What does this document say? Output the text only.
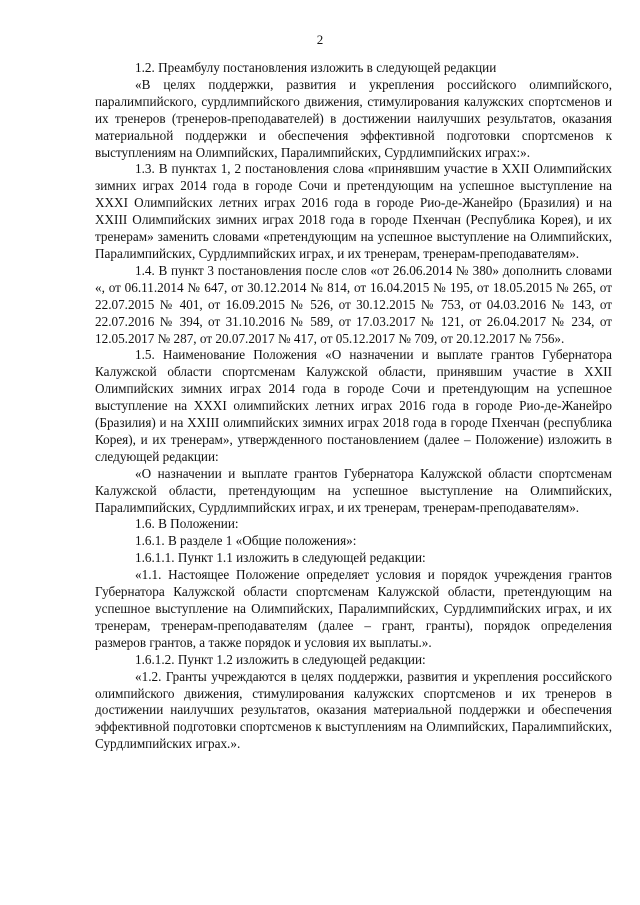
2

1.2. Преамбулу постановления изложить в следующей редакции

«В целях поддержки, развития и укрепления российского олимпийского, паралимпийского, сурдлимпийского движения, стимулирования калужских спортсменов и их тренеров (тренеров-преподавателей) в достижении наилучших результатов, оказания материальной поддержки и обеспечения эффективной подготовки спортсменов к выступлениям на Олимпийских, Паралимпийских, Сурдлимпийских играх:».

1.3. В пунктах 1, 2 постановления слова «принявшим участие в XXII Олимпийских зимних играх 2014 года в городе Сочи и претендующим на успешное выступление на XXXI Олимпийских летних играх 2016 года в городе Рио-де-Жанейро (Бразилия) и на XXIII Олимпийских зимних играх 2018 года в городе Пхенчан (Республика Корея), и их тренерам» заменить словами «претендующим на успешное выступление на Олимпийских, Паралимпийских, Сурдлимпийских играх, и их тренерам, тренерам-преподавателям».

1.4. В пункт 3 постановления после слов «от 26.06.2014 № 380» дополнить словами «, от 06.11.2014 № 647, от 30.12.2014 № 814, от 16.04.2015 № 195, от 18.05.2015 № 265, от 22.07.2015 № 401, от 16.09.2015 № 526, от 30.12.2015 № 753, от 04.03.2016 № 143, от 22.07.2016 № 394, от 31.10.2016 № 589, от 17.03.2017 № 121, от 26.04.2017 № 234, от 12.05.2017 № 287, от 20.07.2017 № 417, от 05.12.2017 № 709, от 20.12.2017 № 756».

1.5. Наименование Положения «О назначении и выплате грантов Губернатора Калужской области спортсменам Калужской области, принявшим участие в XXII Олимпийских зимних играх 2014 года в городе Сочи и претендующим на успешное выступление на XXXI олимпийских летних играх 2016 года в городе Рио-де-Жанейро (Бразилия) и на XXIII олимпийских зимних играх 2018 года в городе Пхенчан (республика Корея), и их тренерам», утвержденного постановлением (далее – Положение) изложить в следующей редакции:

«О назначении и выплате грантов Губернатора Калужской области спортсменам Калужской области, претендующим на успешное выступление на Олимпийских, Паралимпийских, Сурдлимпийских играх, и их тренерам, тренерам-преподавателям».

1.6. В Положении:

1.6.1. В разделе 1 «Общие положения»:

1.6.1.1. Пункт 1.1 изложить в следующей редакции:

«1.1. Настоящее Положение определяет условия и порядок учреждения грантов Губернатора Калужской области спортсменам Калужской области, претендующим на успешное выступление на Олимпийских, Паралимпийских, Сурдлимпийских играх, и их тренерам, тренерам-преподавателям (далее – грант, гранты), порядок определения размеров грантов, а также порядок и условия их выплаты.».

1.6.1.2. Пункт 1.2 изложить в следующей редакции:

«1.2. Гранты учреждаются в целях поддержки, развития и укрепления российского олимпийского движения, стимулирования калужских спортсменов и их тренеров в достижении наилучших результатов, оказания материальной поддержки и обеспечения эффективной подготовки спортсменов к выступлениям на Олимпийских, Паралимпийских, Сурдлимпийских играх.».
